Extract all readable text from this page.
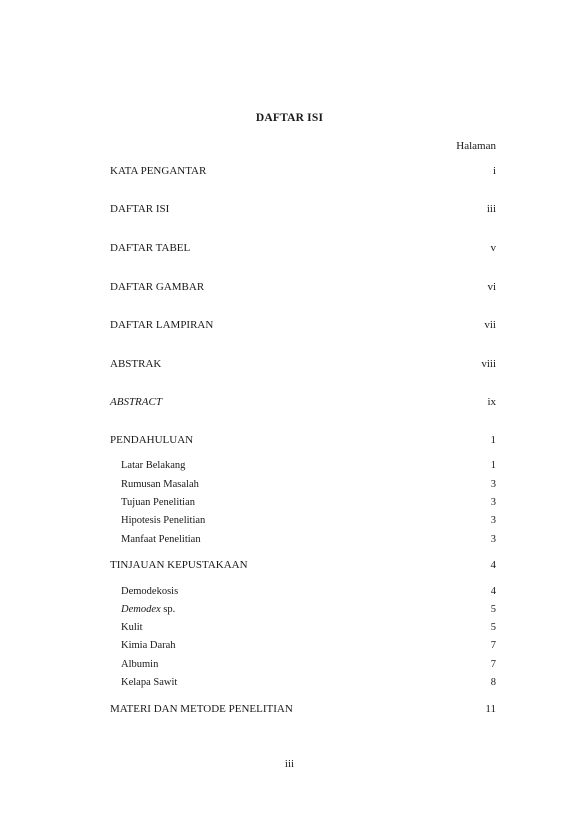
DAFTAR ISI
Halaman
KATA PENGANTAR	i
DAFTAR ISI	iii
DAFTAR TABEL	v
DAFTAR GAMBAR	vi
DAFTAR LAMPIRAN	vii
ABSTRAK	viii
ABSTRACT	ix
PENDAHULUAN	1
Latar Belakang	1
Rumusan Masalah	3
Tujuan Penelitian	3
Hipotesis Penelitian	3
Manfaat Penelitian	3
TINJAUAN KEPUSTAKAAN	4
Demodekosis	4
Demodex sp.	5
Kulit	5
Kimia Darah	7
Albumin	7
Kelapa Sawit	8
MATERI DAN METODE PENELITIAN	11
iii
